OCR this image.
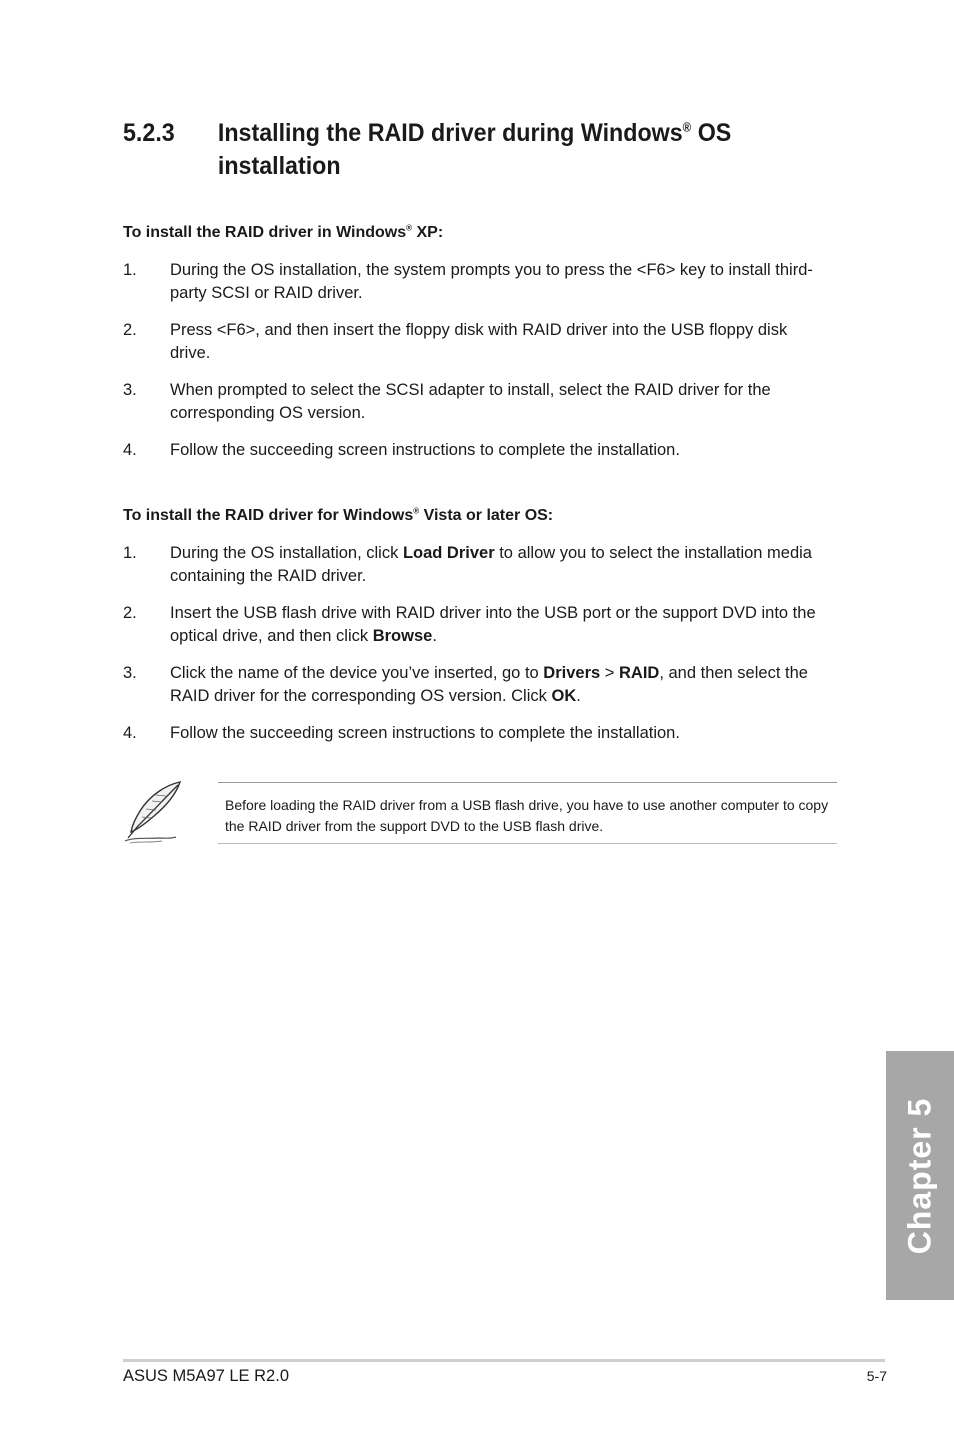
5.2.3	Installing the RAID driver during Windows® OS installation
To install the RAID driver in Windows® XP:
1. During the OS installation, the system prompts you to press the <F6> key to install third-party SCSI or RAID driver.
2. Press <F6>, and then insert the floppy disk with RAID driver into the USB floppy disk drive.
3. When prompted to select the SCSI adapter to install, select the RAID driver for the corresponding OS version.
4. Follow the succeeding screen instructions to complete the installation.
To install the RAID driver for Windows® Vista or later OS:
1. During the OS installation, click Load Driver to allow you to select the installation media containing the RAID driver.
2. Insert the USB flash drive with RAID driver into the USB port or the support DVD into the optical drive, and then click Browse.
3. Click the name of the device you’ve inserted, go to Drivers > RAID, and then select the RAID driver for the corresponding OS version. Click OK.
4. Follow the succeeding screen instructions to complete the installation.
Before loading the RAID driver from a USB flash drive, you have to use another computer to copy the RAID driver from the support DVD to the USB flash drive.
Chapter 5
ASUS M5A97 LE R2.0	5-7
